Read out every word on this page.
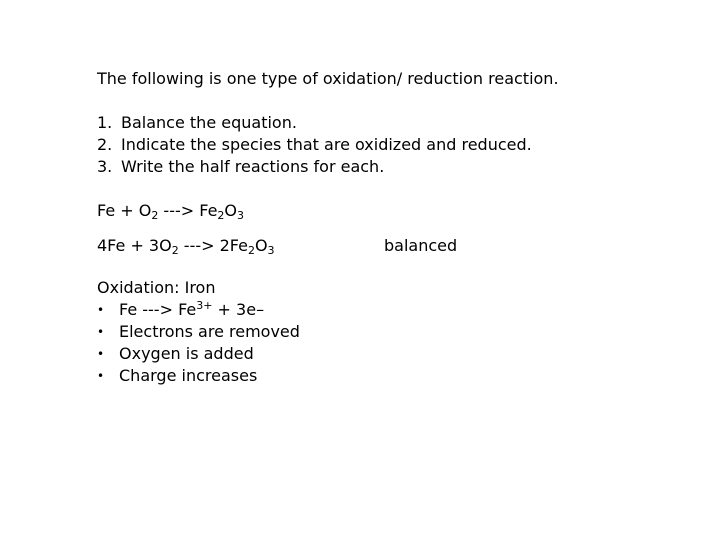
The following is one type of oxidation/ reduction reaction.
1. Balance the equation.
2. Indicate the species that are oxidized and reduced.
3. Write the half reactions for each.
$Fe + O_2$ ---> $Fe_2O_3$
$4Fe + 3O_2$ ---> $2Fe_2O_3$	balanced
Oxidation: Iron
• Fe ---> $Fe^{3+} + 3e-$
• Electrons are removed
• Oxygen is added
• Charge increases
